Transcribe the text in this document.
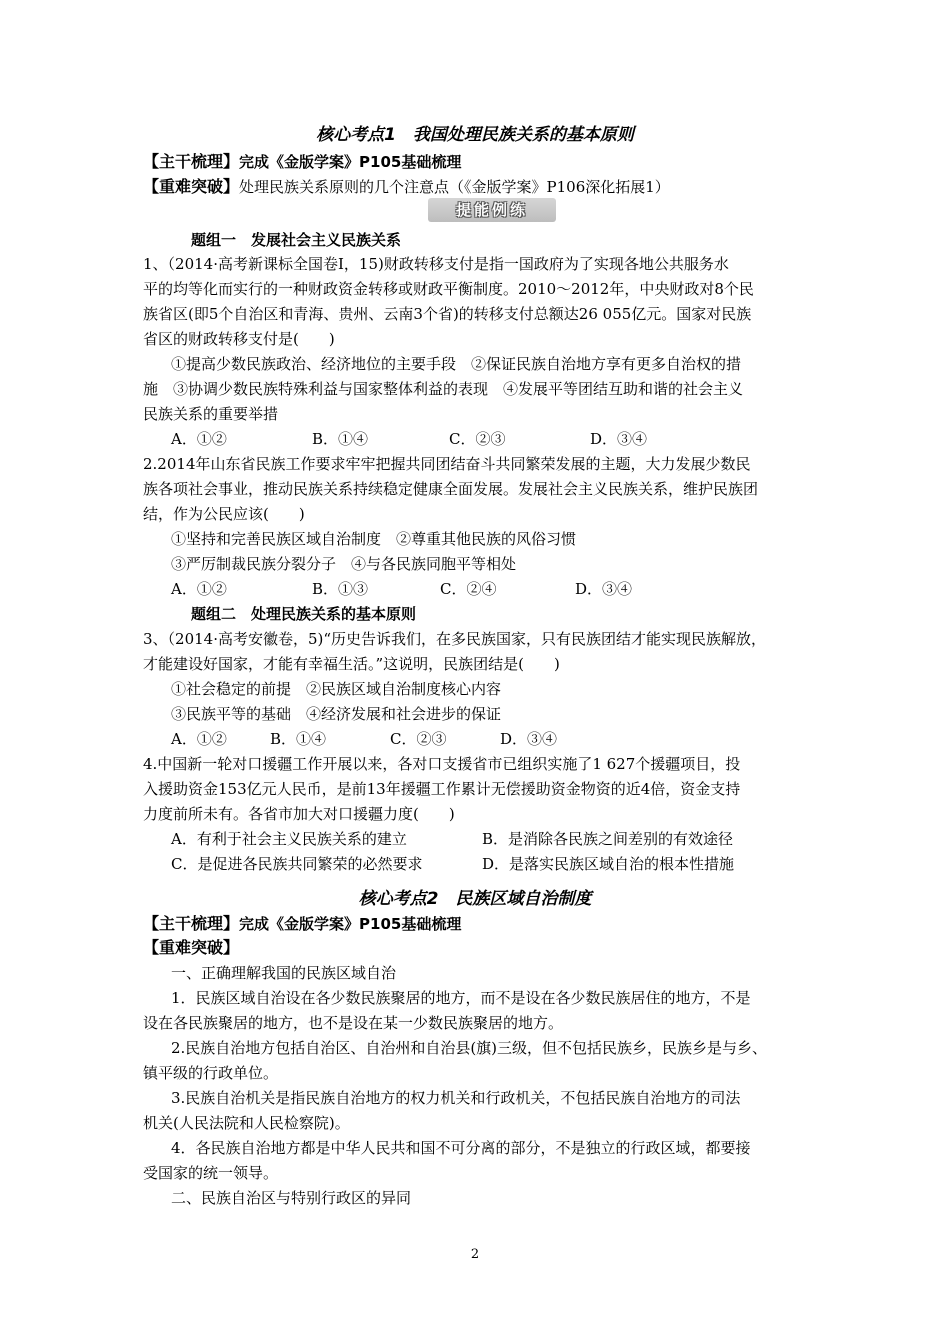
核心考点1　我国处理民族关系的基本原则
【主干梳理】完成《金版学案》P105基础梳理
【重难突破】处理民族关系原则的几个注意点（《金版学案》P106深化拓展1）
提能例练
题组一　发展社会主义民族关系
1、（2014·高考新课标全国卷Ⅰ，15)财政转移支付是指一国政府为了实现各地公共服务水
平的均等化而实行的一种财政资金转移或财政平衡制度。2010～2012年，中央财政对8个民
族省区(即5个自治区和青海、贵州、云南3个省)的转移支付总额达26 055亿元。国家对民族
省区的财政转移支付是(　　)
①提高少数民族政治、经济地位的主要手段　②保证民族自治地方享有更多自治权的措
施　③协调少数民族特殊利益与国家整体利益的表现　④发展平等团结互助和谐的社会主义
民族关系的重要举措
A．①②	B．①④	C．②③	D．③④
2.2014年山东省民族工作要求牢牢把握共同团结奋斗共同繁荣发展的主题，大力发展少数民
族各项社会事业，推动民族关系持续稳定健康全面发展。发展社会主义民族关系，维护民族团
结，作为公民应该(　　)
①坚持和完善民族区域自治制度　②尊重其他民族的风俗习惯
③严厉制裁民族分裂分子　④与各民族同胞平等相处
A．①②	B．①③	C．②④	D．③④
题组二　处理民族关系的基本原则
3、（2014·高考安徽卷，5)“历史告诉我们，在多民族国家，只有民族团结才能实现民族解放，
才能建设好国家，才能有幸福生活。”这说明，民族团结是(　　)
①社会稳定的前提　②民族区域自治制度核心内容
③民族平等的基础　④经济发展和社会进步的保证
A．①②	B．①④	C．②③	D．③④
4.中国新一轮对口援疆工作开展以来，各对口支援省市已组织实施了1 627个援疆项目，投
入援助资金153亿元人民币，是前13年援疆工作累计无偿援助资金物资的近4倍，资金支持
力度前所未有。各省市加大对口援疆力度(　　)
A．有利于社会主义民族关系的建立	B．是消除各民族之间差别的有效途径
C．是促进各民族共同繁荣的必然要求	D．是落实民族区域自治的根本性措施
核心考点2　民族区域自治制度
【主干梳理】完成《金版学案》P105基础梳理
【重难突破】
一、正确理解我国的民族区域自治
1．民族区域自治设在各少数民族聚居的地方，而不是设在各少数民族居住的地方，不是
设在各民族聚居的地方，也不是设在某一少数民族聚居的地方。
2.民族自治地方包括自治区、自治州和自治县(旗)三级，但不包括民族乡，民族乡是与乡、
镇平级的行政单位。
3.民族自治机关是指民族自治地方的权力机关和行政机关，不包括民族自治地方的司法
机关(人民法院和人民检察院)。
4．各民族自治地方都是中华人民共和国不可分离的部分，不是独立的行政区域，都要接
受国家的统一领导。
二、民族自治区与特别行政区的异同
2
